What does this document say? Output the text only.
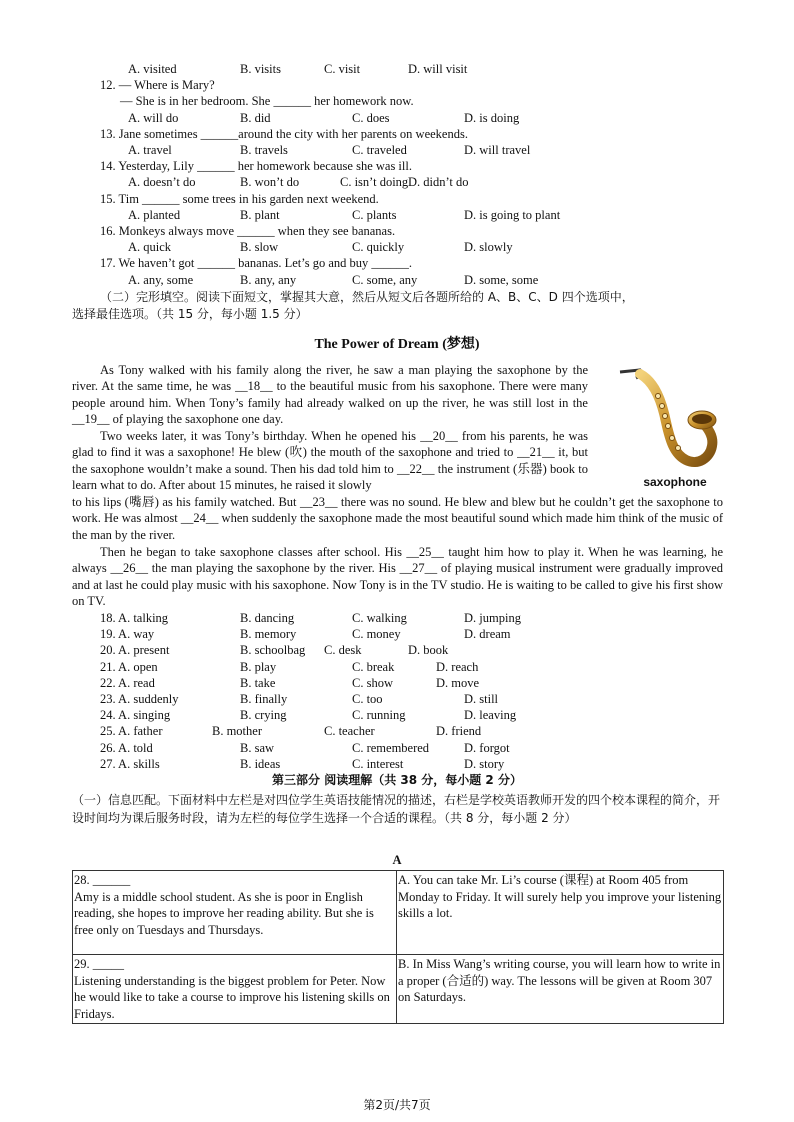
A. visited	B. visits	C. visit	D. will visit
12. — Where is Mary?
— She is in her bedroom. She ______ her homework now.
A. will do	B. did	C. does	D. is doing
13. Jane sometimes ______around the city with her parents on weekends.
A. travel	B. travels	C. traveled	D. will travel
14. Yesterday, Lily ______ her homework because she was ill.
A. doesn’t do	B. won’t do	C. isn’t doing D. didn’t do
15. Tim ______ some trees in his garden next weekend.
A. planted	B. plant	C. plants	D. is going to plant
16. Monkeys always move ______ when they see bananas.
A. quick	B. slow	C. quickly	D. slowly
17. We haven’t got ______ bananas. Let’s go and buy ______.
A. any, some	B. any, any	C. some, any	D. some, some
（二）完形填空。阅读下面短文，掌握其大意，然后从短文后各题所给的 A、B、C、D 四个选项中，
选择最佳选项。（共 15 分，每小题 1.5 分）
The Power of Dream (梦想)
As Tony walked with his family along the river, he saw a man playing the saxophone by the river. At the same time, he was __18__ to the beautiful music from his saxophone. There were many people around him. When Tony’s family had already walked on up the river, he was still lost in the __19__ of playing the saxophone one day.
Two weeks later, it was Tony’s birthday. When he opened his __20__ from his parents, he was glad to find it was a saxophone! He blew (吹) the mouth of the saxophone and tried to __21__ it, but the saxophone wouldn’t make a sound. Then his dad told him to __22__ the instrument (乐器) book to learn what to do. After about 15 minutes, he raised it slowly
to his lips (嘴唇) as his family watched. But __23__ there was no sound. He blew and blew but he couldn’t get the saxophone to work. He was almost __24__ when suddenly the saxophone made the most beautiful sound which made him think of the music of the man by the river.
Then he began to take saxophone classes after school. His __25__ taught him how to play it. When he was learning, he always __26__ the man playing the saxophone by the river. His __27__ of playing musical instrument were gradually improved and at last he could play music with his saxophone. Now Tony is in the TV studio. He is waiting to be called to give his first show on TV.
saxophone
18. A. talking	B. dancing	C. walking	D. jumping
19. A. way	B. memory	C. money	D. dream
20. A. present	B. schoolbag C. desk	D. book
21. A. open	B. play	C. break	D. reach
22. A. read	B. take	C. show	D. move
23. A. suddenly	B. finally	C. too	D. still
24. A. singing	B. crying	C. running	D. leaving
25. A. father	B. mother	C. teacher	D. friend
26. A. told	B. saw	C. remembered	D. forgot
27. A. skills	B. ideas	C. interest	D. story
第三部分 阅读理解（共 38 分，每小题 2 分）
（一）信息匹配。下面材料中左栏是对四位学生英语技能情况的描述，右栏是学校英语教师开发的四个校本课程的简介，开设时间均为课后服务时段，请为左栏的每位学生选择一个合适的课程。（共 8 分，每小题 2 分）
A
28. ______
Amy is a middle school student. As she is poor in English reading, she hopes to improve her reading ability. But she is free only on Tuesdays and Thursdays.	A. You can take Mr. Li’s course (课程) at Room 405 from Monday to Friday. It will surely help you improve your listening skills a lot.

29. _____
Listening understanding is the biggest problem for Peter. Now he would like to take a course to improve his listening skills on Fridays.	B. In Miss Wang’s writing course, you will learn how to write in a proper (合适的) way. The lessons will be given at Room 307 on Saturdays.
第2页/共7页
